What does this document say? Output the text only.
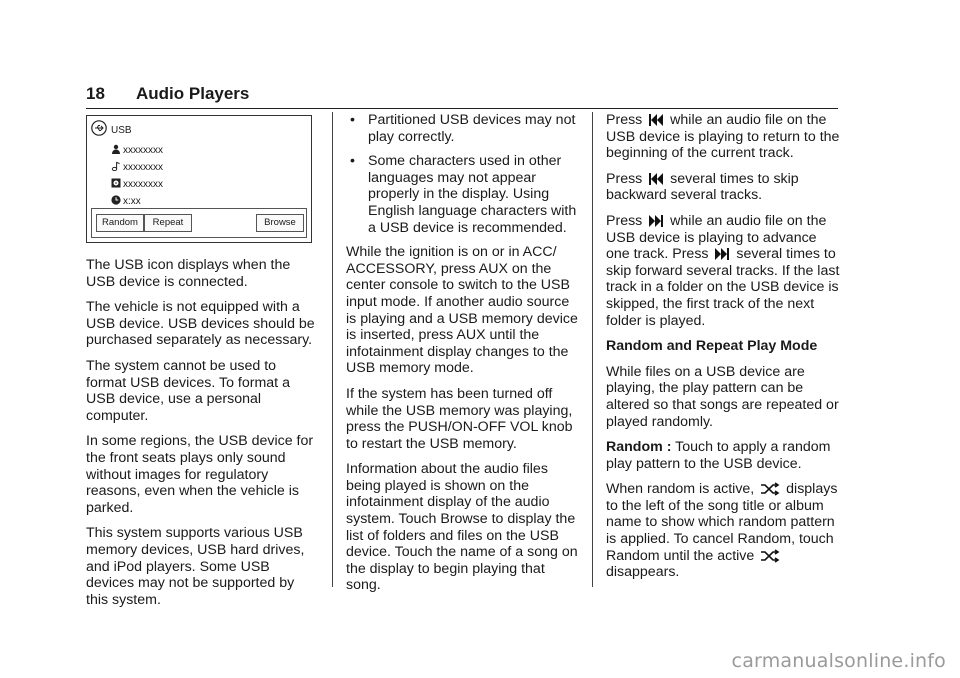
18 Audio Players
USB
xxxxxxxx
xxxxxxxx
xxxxxxxx
x:xx
Random	Repeat	Browse

The USB icon displays when the USB device is connected.

The vehicle is not equipped with a USB device. USB devices should be purchased separately as necessary.

The system cannot be used to format USB devices. To format a USB device, use a personal computer.

In some regions, the USB device for the front seats plays only sound without images for regulatory reasons, even when the vehicle is parked.

This system supports various USB memory devices, USB hard drives, and iPod players. Some USB devices may not be supported by this system.

• Partitioned USB devices may not play correctly.
• Some characters used in other languages may not appear properly in the display. Using English language characters with a USB device is recommended.

While the ignition is on or in ACC/ ACCESSORY, press AUX on the center console to switch to the USB input mode. If another audio source is playing and a USB memory device is inserted, press AUX until the infotainment display changes to the USB memory mode.

If the system has been turned off while the USB memory was playing, press the PUSH/ON-OFF VOL knob to restart the USB memory.

Information about the audio files being played is shown on the infotainment display of the audio system. Touch Browse to display the list of folders and files on the USB device. Touch the name of a song on the display to begin playing that song.

Press while an audio file on the USB device is playing to return to the beginning of the current track.

Press several times to skip backward several tracks.

Press while an audio file on the USB device is playing to advance one track. Press several times to skip forward several tracks. If the last track in a folder on the USB device is skipped, the first track of the next folder is played.

Random and Repeat Play Mode

While files on a USB device are playing, the play pattern can be altered so that songs are repeated or played randomly.

Random : Touch to apply a random play pattern to the USB device.

When random is active, displays to the left of the song title or album name to show which random pattern is applied. To cancel Random, touch Random until the active  disappears.

carmanualsonline.info
